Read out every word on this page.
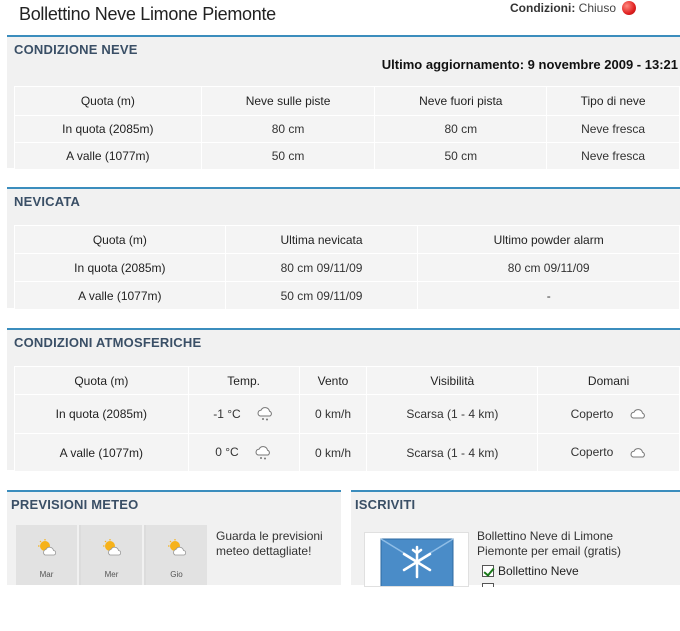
Bollettino Neve Limone Piemonte	Condizioni: Chiuso
CONDIZIONE NEVE
Ultimo aggiornamento: 9 novembre 2009 - 13:21
Quota (m)	Neve sulle piste	Neve fuori pista	Tipo di neve
In quota (2085m)	80 cm	80 cm	Neve fresca
A valle (1077m)	50 cm	50 cm	Neve fresca
NEVICATA
Quota (m)	Ultima nevicata	Ultimo powder alarm
In quota (2085m)	80 cm 09/11/09	80 cm 09/11/09
A valle (1077m)	50 cm 09/11/09	-
CONDIZIONI ATMOSFERICHE
Quota (m)	Temp.	Vento	Visibilità	Domani
In quota (2085m)	-1 °C	0 km/h	Scarsa (1 - 4 km)	Coperto
A valle (1077m)	0 °C	0 km/h	Scarsa (1 - 4 km)	Coperto
PREVISIONI METEO
Mar	Mer	Gio
Guarda le previsioni meteo dettagliate!
ISCRIVITI
Bollettino Neve di Limone Piemonte per email (gratis)
Bollettino Neve
